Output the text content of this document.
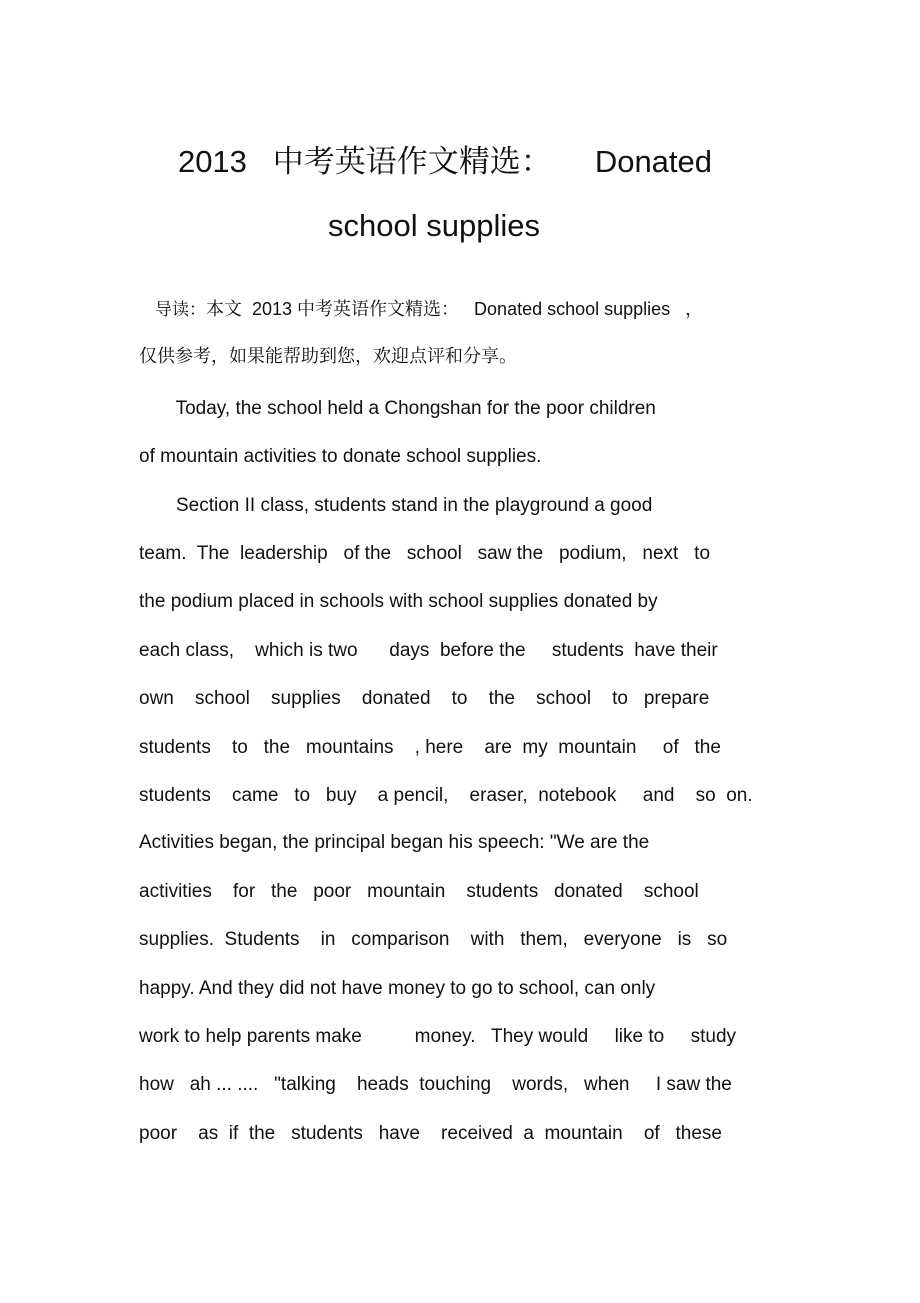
2013   中考英语作文精选：     Donated
school supplies
导读：本文  2013 中考英语作文精选：   Donated school supplies   ，
仅供参考，如果能帮助到您，欢迎点评和分享。
Today, the school held a Chongshan for the poor children
of mountain activities to donate school supplies.
Section II class, students stand in the playground a good
team.  The  leadership   of the   school   saw the   podium,   next   to
the podium placed in schools with school supplies donated by
each class,    which is two      days  before the     students  have their
own    school    supplies    donated    to    the    school    to   prepare
students    to   the   mountains    , here    are  my  mountain     of   the
students    came   to   buy    a pencil,    eraser,  notebook     and    so  on.
Activities began, the principal began his speech: "We are the
activities    for   the   poor   mountain    students   donated    school
supplies.  Students    in   comparison    with   them,   everyone   is   so
happy. And they did not have money to go to school, can only
work to help parents make          money.   They would     like to     study
how   ah ... ....   "talking    heads  touching    words,   when     I saw the
poor    as  if  the   students   have    received  a  mountain    of   these
